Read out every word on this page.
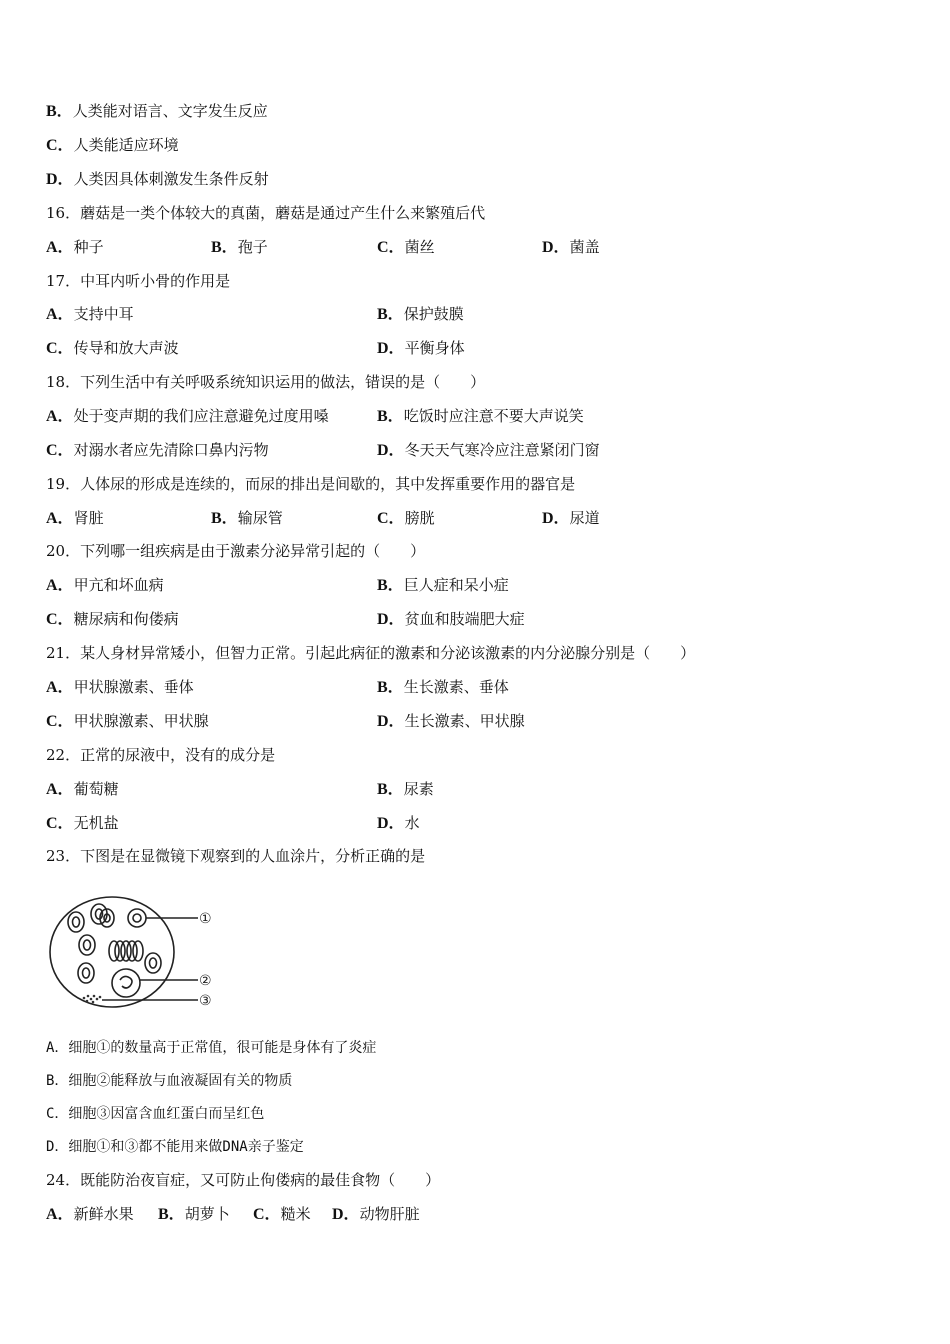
B．人类能对语言、文字发生反应
C．人类能适应环境
D．人类因具体刺激发生条件反射
16．蘑菇是一类个体较大的真菌，蘑菇是通过产生什么来繁殖后代
A．种子	B．孢子	C．菌丝	D．菌盖
17．中耳内听小骨的作用是
A．支持中耳	B．保护鼓膜
C．传导和放大声波	D．平衡身体
18．下列生活中有关呼吸系统知识运用的做法，错误的是（　　）
A．处于变声期的我们应注意避免过度用嗓	B．吃饭时应注意不要大声说笑
C．对溺水者应先清除口鼻内污物	D．冬天天气寒冷应注意紧闭门窗
19．人体尿的形成是连续的，而尿的排出是间歇的，其中发挥重要作用的器官是
A．肾脏	B．输尿管	C．膀胱	D．尿道
20．下列哪一组疾病是由于激素分泌异常引起的（　　）
A．甲亢和坏血病	B．巨人症和呆小症
C．糖尿病和佝偻病	D．贫血和肢端肥大症
21．某人身材异常矮小，但智力正常。引起此病征的激素和分泌该激素的内分泌腺分别是（　　）
A．甲状腺激素、垂体	B．生长激素、垂体
C．甲状腺激素、甲状腺	D．生长激素、甲状腺
22．正常的尿液中，没有的成分是
A．葡萄糖	B．尿素
C．无机盐	D．水
23．下图是在显微镜下观察到的人血涂片，分析正确的是
①
②
③
A．细胞①的数量高于正常值，很可能是身体有了炎症
B．细胞②能释放与血液凝固有关的物质
C．细胞③因富含血红蛋白而呈红色
D．细胞①和③都不能用来做DNA亲子鉴定
24．既能防治夜盲症，又可防止佝偻病的最佳食物（　　）
A．新鲜水果 B．胡萝卜 C．糙米 D．动物肝脏
